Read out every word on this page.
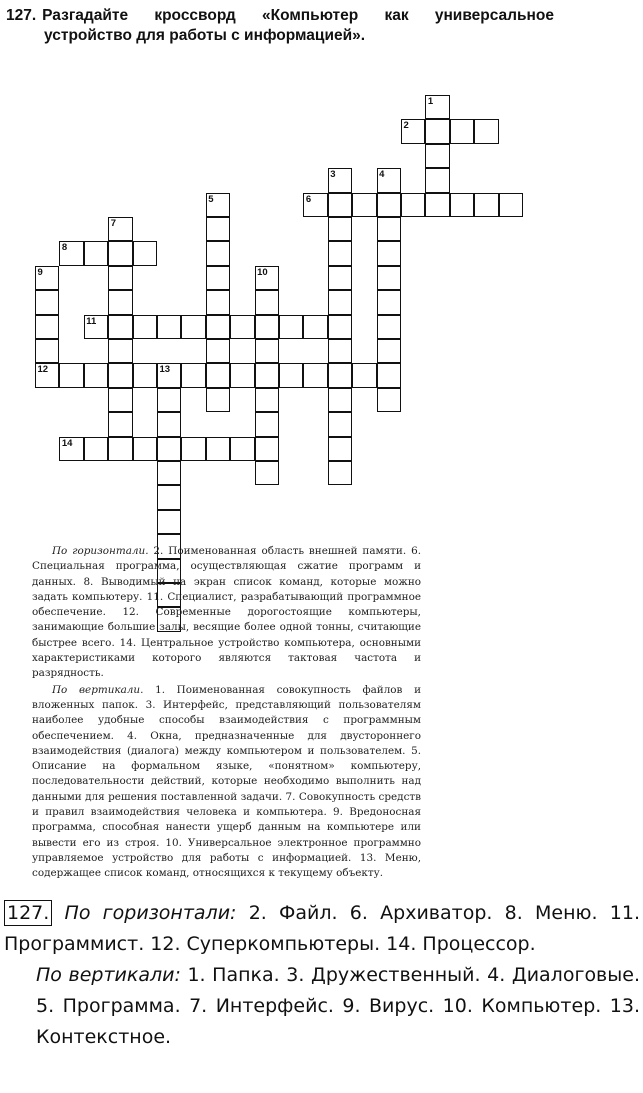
127. Разгадайте кроссворд «Компьютер как универсальное
устройство для работы с информацией».
1
2
3	4
5	6
7
8
9	10
11
12	13
14

По горизонтали. 2. Поименованная область внешней памяти. 6. Специальная программа, осуществляющая сжатие программ и данных. 8. Выводимый на экран список команд, которые можно задать компьютеру. 11. Специалист, разрабатывающий программное обеспечение. 12. Современные дорогостоящие компьютеры, занимающие большие залы, весящие более одной тонны, считающие быстрее всего. 14. Центральное устройство компьютера, основными характеристиками которого являются тактовая частота и разрядность.

По вертикали. 1. Поименованная совокупность файлов и вложенных папок. 3. Интерфейс, представляющий пользователям наиболее удобные способы взаимодействия с программным обеспечением. 4. Окна, предназначенные для двустороннего взаимодействия (диалога) между компьютером и пользователем. 5. Описание на формальном языке, «понятном» компьютеру, последовательности действий, которые необходимо выполнить над данными для решения поставленной задачи. 7. Совокупность средств и правил взаимодействия человека и компьютера. 9. Вредоносная программа, способная нанести ущерб данным на компьютере или вывести его из строя. 10. Универсальное электронное программно управляемое устройство для работы с информацией. 13. Меню, содержащее список команд, относящихся к текущему объекту.

127. По горизонтали: 2. Файл. 6. Архиватор. 8. Меню. 11. Программист. 12. Суперкомпьютеры. 14. Процессор.

По вертикали: 1. Папка. 3. Дружественный. 4. Диалоговые. 5. Программа. 7. Интерфейс. 9. Вирус. 10. Компьютер. 13. Контекстное.
